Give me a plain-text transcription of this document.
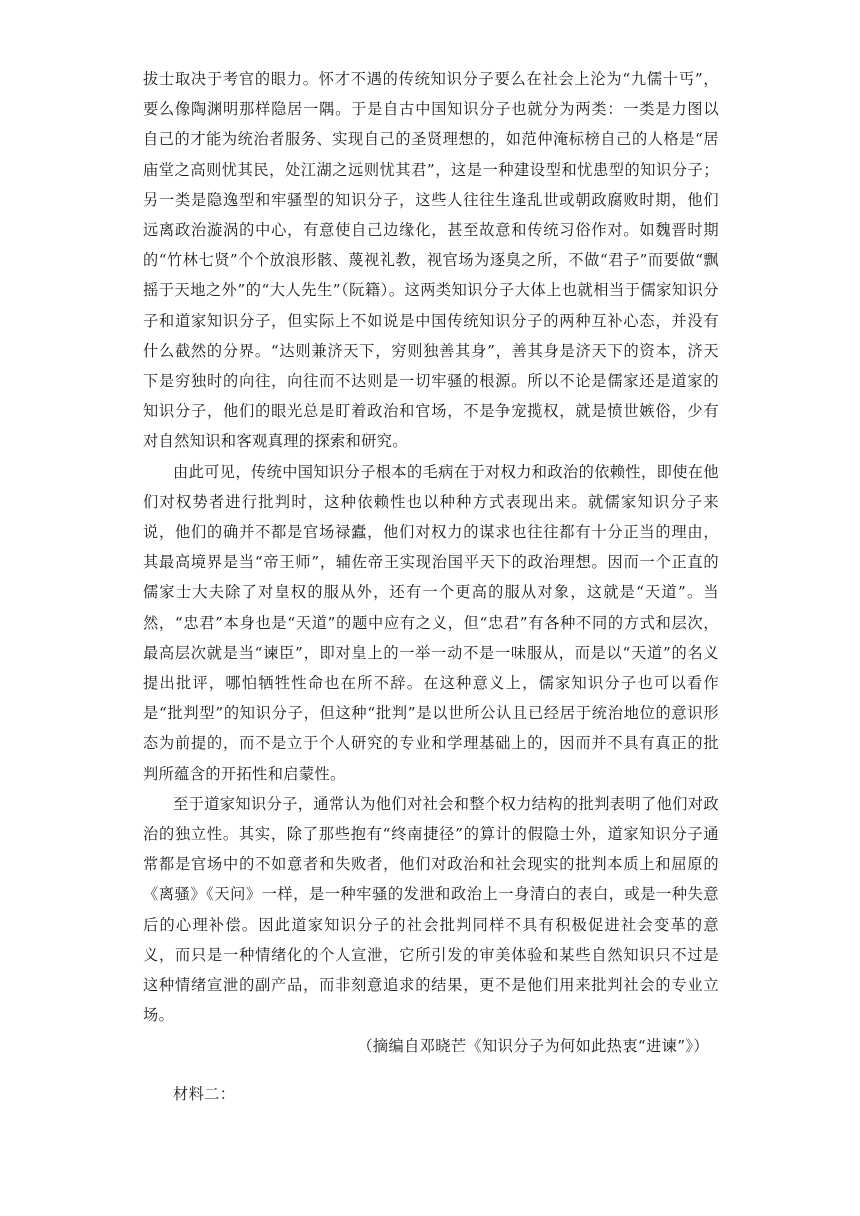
拔士取决于考官的眼力。怀才不遇的传统知识分子要么在社会上沦为“九儒十丐”，要么像陶渊明那样隐居一隅。于是自古中国知识分子也就分为两类：一类是力图以自己的才能为统治者服务、实现自己的圣贤理想的，如范仲淹标榜自己的人格是“居庙堂之高则忧其民，处江湖之远则忧其君”，这是一种建设型和忧患型的知识分子；另一类是隐逸型和牢骚型的知识分子，这些人往往生逢乱世或朝政腐败时期，他们远离政治漩涡的中心，有意使自己边缘化，甚至故意和传统习俗作对。如魏晋时期的“竹林七贤”个个放浪形骸、蔑视礼教，视官场为逐臭之所，不做“君子”而要做“飘摇于天地之外”的“大人先生”（阮籍）。这两类知识分子大体上也就相当于儒家知识分子和道家知识分子，但实际上不如说是中国传统知识分子的两种互补心态，并没有什么截然的分界。“达则兼济天下，穷则独善其身”，善其身是济天下的资本，济天下是穷独时的向往，向往而不达则是一切牢骚的根源。所以不论是儒家还是道家的知识分子，他们的眼光总是盯着政治和官场，不是争宠揽权，就是愤世嫉俗，少有对自然知识和客观真理的探索和研究。

由此可见，传统中国知识分子根本的毛病在于对权力和政治的依赖性，即使在他们对权势者进行批判时，这种依赖性也以种种方式表现出来。就儒家知识分子来说，他们的确并不都是官场禄蠹，他们对权力的谋求也往往都有十分正当的理由，其最高境界是当“帝王师”，辅佐帝王实现治国平天下的政治理想。因而一个正直的儒家士大夫除了对皇权的服从外，还有一个更高的服从对象，这就是“天道”。当然，“忠君”本身也是“天道”的题中应有之义，但“忠君”有各种不同的方式和层次，最高层次就是当“谏臣”，即对皇上的一举一动不是一味服从，而是以“天道”的名义提出批评，哪怕牺牲性命也在所不辞。在这种意义上，儒家知识分子也可以看作是“批判型”的知识分子，但这种“批判”是以世所公认且已经居于统治地位的意识形态为前提的，而不是立于个人研究的专业和学理基础上的，因而并不具有真正的批判所蕴含的开拓性和启蒙性。

至于道家知识分子，通常认为他们对社会和整个权力结构的批判表明了他们对政治的独立性。其实，除了那些抱有“终南捷径”的算计的假隐士外，道家知识分子通常都是官场中的不如意者和失败者，他们对政治和社会现实的批判本质上和屈原的《离骚》《天问》一样，是一种牢骚的发泄和政治上一身清白的表白，或是一种失意后的心理补偿。因此道家知识分子的社会批判同样不具有积极促进社会变革的意义，而只是一种情绪化的个人宣泄，它所引发的审美体验和某些自然知识只不过是这种情绪宣泄的副产品，而非刻意追求的结果，更不是他们用来批判社会的专业立场。

（摘编自邓晓芒《知识分子为何如此热衷“进谏”》）

材料二：
